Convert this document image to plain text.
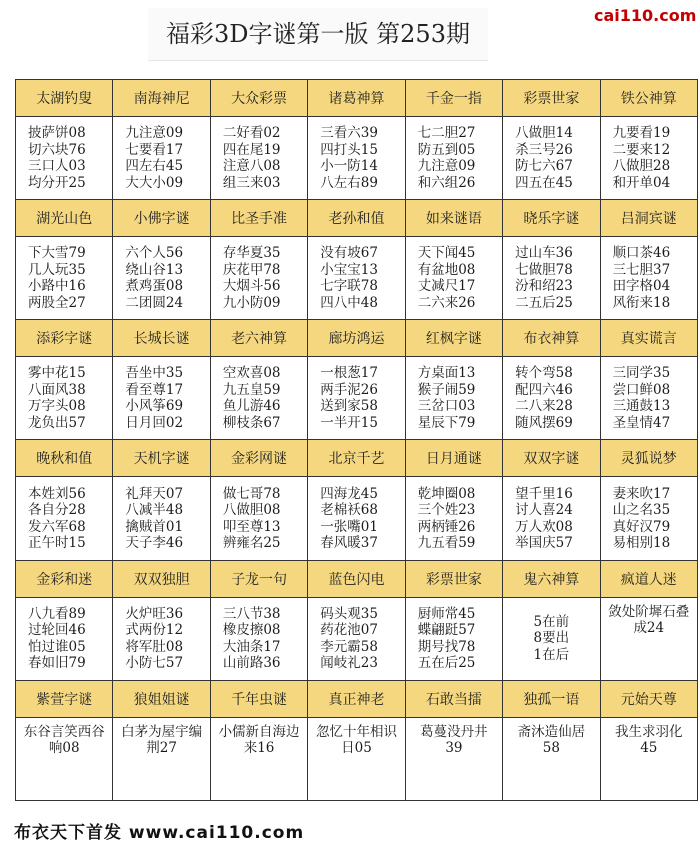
福彩3D字谜第一版 第253期
cai110.com
太湖钓叟
披萨饼08
切六块76
三口人03
均分开25
南海神尼
九注意09
七要看17
四左右45
大大小09
大众彩票
二好看02
四在尾19
注意八08
组三来03
诸葛神算
三看六39
四打头15
小一防14
八左右89
千金一指
七二胆27
防五到05
九注意09
和六组26
彩票世家
八做胆14
杀三号26
防七六67
四五在45
铁公神算
九要看19
二要来12
八做胆28
和开单04
湖光山色
下大雪79
几人玩35
小路中16
两股全27
小佛字谜
六个人56
绕山谷13
煮鸡蛋08
二团圆24
比圣手准
存华夏35
庆花甲78
大烟斗56
九小防09
老孙和值
没有坡67
小宝宝13
七字联78
四八中48
如来谜语
天下闻45
有盆地08
丈减尺17
二六来26
晓乐字谜
过山车36
七做胆78
汾和绍23
二五后25
吕洞宾谜
顺口茶46
三七胆37
田字格04
风衔来18
添彩字谜
雾中花15
八面风38
万字头08
龙负出57
长城长谜
吾坐中35
看至尊17
小风筝69
日月回02
老六神算
空欢喜08
九五皇59
鱼儿游46
柳枝条67
廊坊鸿运
一根葱17
两手泥26
送到家58
一半开15
红枫字谜
方桌面13
猴子闹59
三岔口03
星辰下79
布衣神算
转个弯58
配四六46
二八来28
随风摆69
真实谎言
三同学35
尝口鲜08
三通鼓13
圣皇情47
晚秋和值
本姓刘56
各自分28
发六军68
正午时15
天机字谜
礼拜天07
八减半48
擒贼首01
天子李46
金彩网谜
做七哥78
八做胆08
叩至尊13
辨雍名25
北京千艺
四海龙45
老棉袄68
一张嘴01
春风暖37
日月通谜
乾坤圈08
三个姓23
两柄锤26
九五看59
双双字谜
望千里16
讨人喜24
万人欢08
举国庆57
灵狐说梦
妻来吹17
山之名35
真好汉79
易相别18
金彩和迷
八九看89
过轮回46
怕过谁05
春如旧79
双双独胆
火炉旺36
式两份12
将军肚08
小防七57
子龙一句
三八节38
橡皮擦08
大油条17
山前路36
蓝色闪电
码头观35
药花池07
李元霸58
闻岐礼23
彩票世家
厨师常45
蝶翩跹57
期号找78
五在后25
鬼六神算
5在前
8要出
1在后
疯道人迷
敛处阶墀石叠成24
紫萱字谜
东谷言笑西谷响08
狼姐姐谜
白茅为屋宇编荆27
千年虫谜
小儒新自海边来16
真正神老
忽忆十年相识日05
石敢当擂
葛蔓没丹井39
独孤一语
斋沐造仙居58
元始天尊
我生求羽化45
布衣天下首发 www.cai110.com
